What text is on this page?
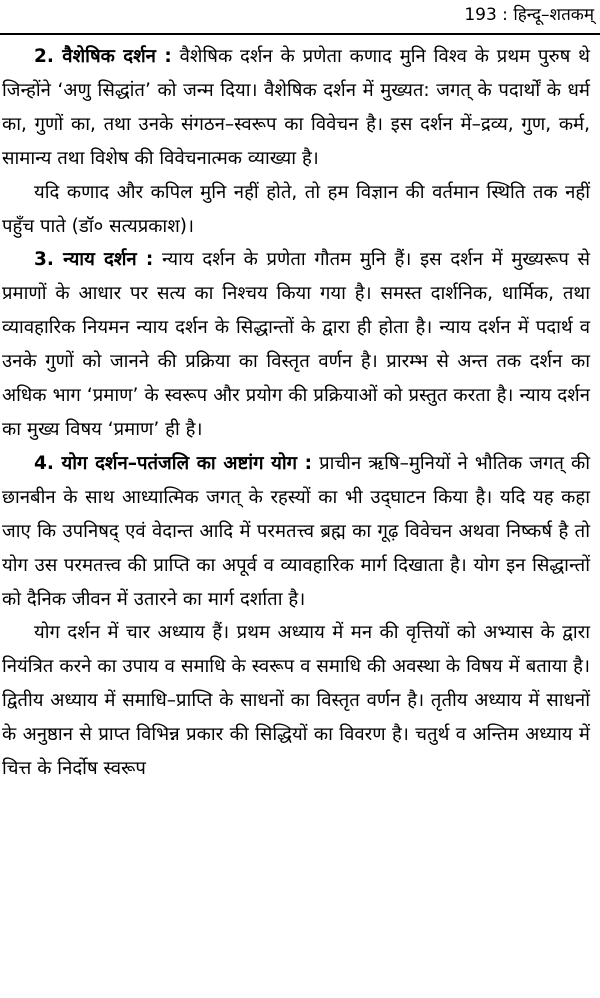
193 : हिन्दू–शतकम्

2. वैशेषिक दर्शन : वैशेषिक दर्शन के प्रणेता कणाद मुनि विश्व के प्रथम पुरुष थे जिन्होंने ‘अणु सिद्धांत’ को जन्म दिया। वैशेषिक दर्शन में मुख्यत: जगत् के पदार्थों के धर्म का, गुणों का, तथा उनके संगठन–स्वरूप का विवेचन है। इस दर्शन में–द्रव्य, गुण, कर्म, सामान्य तथा विशेष की विवेचनात्मक व्याख्या है।

यदि कणाद और कपिल मुनि नहीं होते, तो हम विज्ञान की वर्तमान स्थिति तक नहीं पहुँच पाते (डॉ० सत्यप्रकाश)।

3. न्याय दर्शन : न्याय दर्शन के प्रणेता गौतम मुनि हैं। इस दर्शन में मुख्यरूप से प्रमाणों के आधार पर सत्य का निश्चय किया गया है। समस्त दार्शनिक, धार्मिक, तथा व्यावहारिक नियमन न्याय दर्शन के सिद्धान्तों के द्वारा ही होता है। न्याय दर्शन में पदार्थ व उनके गुणों को जानने की प्रक्रिया का विस्तृत वर्णन है। प्रारम्भ से अन्त तक दर्शन का अधिक भाग ‘प्रमाण’ के स्वरूप और प्रयोग की प्रक्रियाओं को प्रस्तुत करता है। न्याय दर्शन का मुख्य विषय ‘प्रमाण’ ही है।

4. योग दर्शन–पतंजलि का अष्टांग योग : प्राचीन ऋषि–मुनियों ने भौतिक जगत् की छानबीन के साथ आध्यात्मिक जगत् के रहस्यों का भी उद्‍घाटन किया है। यदि यह कहा जाए कि उपनिषद् एवं वेदान्त आदि में परमतत्त्व ब्रह्म का गूढ़ विवेचन अथवा निष्कर्ष है तो योग उस परमतत्त्व की प्राप्ति का अपूर्व व व्यावहारिक मार्ग दिखाता है। योग इन सिद्धान्तों को दैनिक जीवन में उतारने का मार्ग दर्शाता है।

योग दर्शन में चार अध्याय हैं। प्रथम अध्याय में मन की वृत्तियों को अभ्यास के द्वारा नियंत्रित करने का उपाय व समाधि के स्वरूप व समाधि की अवस्था के विषय में बताया है। द्वितीय अध्याय में समाधि–प्राप्ति के साधनों का विस्तृत वर्णन है। तृतीय अध्याय में साधनों के अनुष्ठान से प्राप्त विभिन्न प्रकार की सिद्धियों का विवरण है। चतुर्थ व अन्तिम अध्याय में चित्त के निर्दोष स्वरूप
